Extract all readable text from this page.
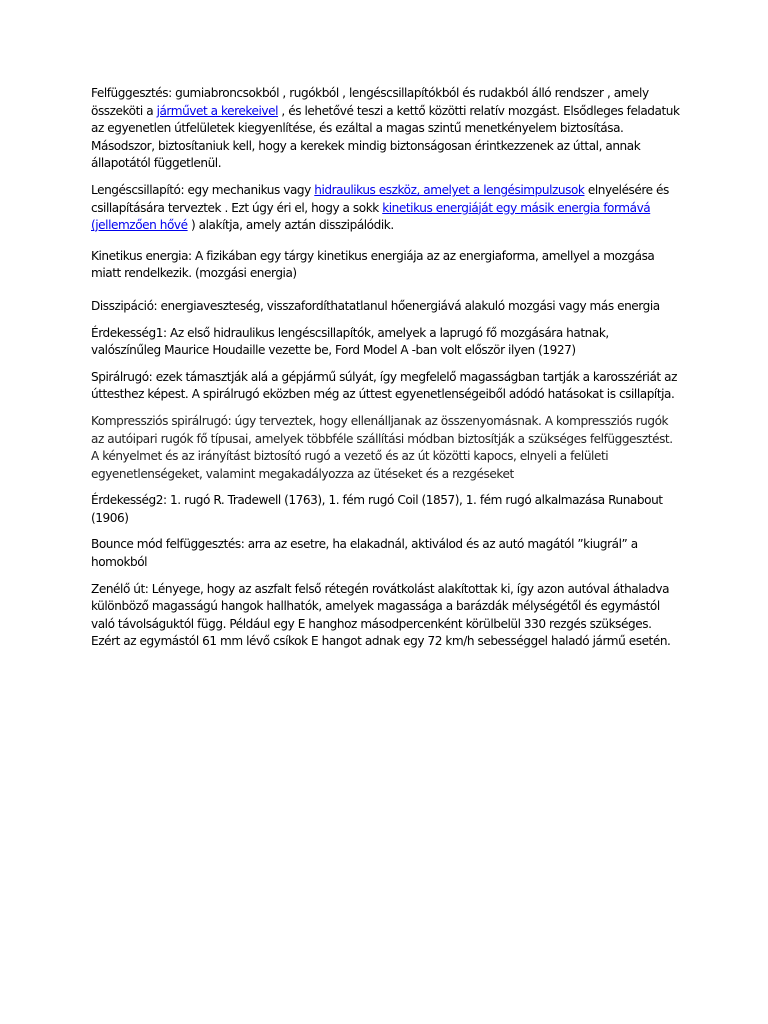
Felfüggesztés: gumiabroncsokból , rugókból , lengéscsillapítókból és rudakból álló rendszer , amely összeköti a járművet a kerekeivel , és lehetővé teszi a kettő közötti relatív mozgást. Elsődleges feladatuk az egyenetlen útfelületek kiegyenlítése, és ezáltal a magas szintű menetkényelem biztosítása. Másodszor, biztosítaniuk kell, hogy a kerekek mindig biztonságosan érintkezzenek az úttal, annak állapotától függetlenül.

Lengéscsillapító: egy mechanikus vagy hidraulikus eszköz, amelyet a lengésimpulzusok elnyelésére és csillapítására terveztek . Ezt úgy éri el, hogy a sokk kinetikus energiáját egy másik energia formává (jellemzően hővé ) alakítja, amely aztán disszipálódik.

Kinetikus energia: A fizikában egy tárgy kinetikus energiája az az energiaforma, amellyel a mozgása miatt rendelkezik. (mozgási energia)

Disszipáció: energiaveszteség, visszafordíthatatlanul hőenergiává alakuló mozgási vagy más energia

Érdekesség1: Az első hidraulikus lengéscsillapítók, amelyek a laprugó fő mozgására hatnak, valószínűleg Maurice Houdaille vezette be, Ford Model A -ban volt először ilyen (1927)

Spirálrugó: ezek támasztják alá a gépjármű súlyát, így megfelelő magasságban tartják a karosszériát az úttesthez képest. A spirálrugó eközben még az úttest egyenetlenségeiből adódó hatásokat is csillapítja.

Kompressziós spirálrugó: úgy terveztek, hogy ellenálljanak az összenyomásnak. A kompressziós rugók az autóipari rugók fő típusai, amelyek többféle szállítási módban biztosítják a szükséges felfüggesztést. A kényelmet és az irányítást biztosító rugó a vezető és az út közötti kapocs, elnyeli a felületi egyenetlenségeket, valamint megakadályozza az ütéseket és a rezgéseket

Érdekesség2: 1. rugó R. Tradewell (1763), 1. fém rugó Coil (1857), 1. fém rugó alkalmazása Runabout (1906)

Bounce mód felfüggesztés: arra az esetre, ha elakadnál, aktiválod és az autó magától ”kiugrál” a homokból

Zenélő út: Lényege, hogy az aszfalt felső rétegén rovátkolást alakítottak ki, így azon autóval áthaladva különböző magasságú hangok hallhatók, amelyek magassága a barázdák mélységétől és egymástól való távolságuktól függ. Például egy E hanghoz másodpercenként körülbelül 330 rezgés szükséges. Ezért az egymástól 61 mm lévő csíkok E hangot adnak egy 72 km/h sebességgel haladó jármű esetén.
